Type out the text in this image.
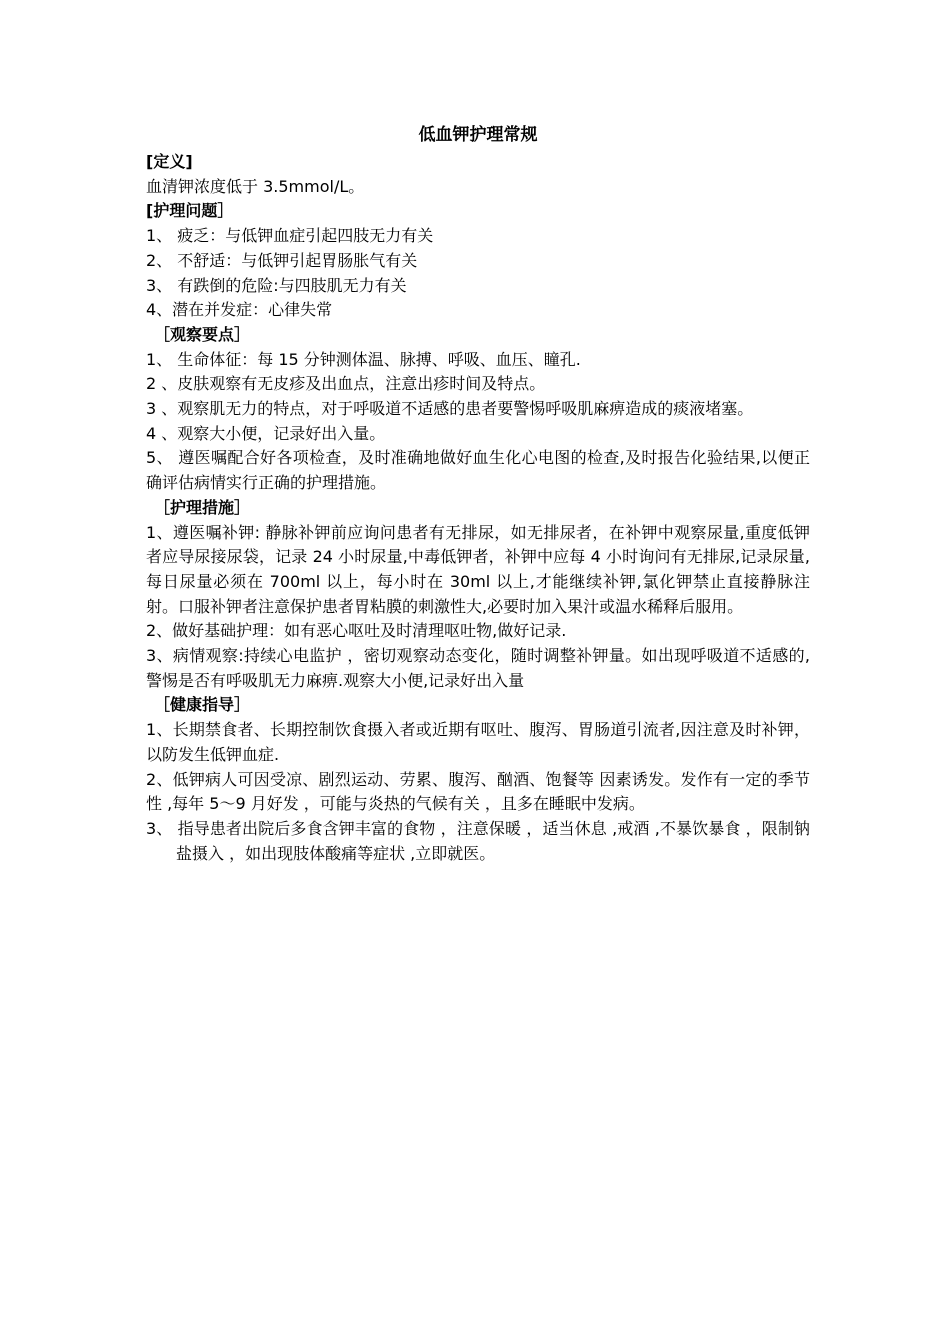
低血钾护理常规

[定义]

血清钾浓度低于 3.5mmol/L。

[护理问题］

1、 疲乏：与低钾血症引起四肢无力有关

2、 不舒适：与低钾引起胃肠胀气有关

3、 有跌倒的危险:与四肢肌无力有关

4、潜在并发症：心律失常

［观察要点］

1、 生命体征：每 15 分钟测体温、脉搏、呼吸、血压、瞳孔.

2 、皮肤观察有无皮疹及出血点，注意出疹时间及特点。

3 、观察肌无力的特点，对于呼吸道不适感的患者要警惕呼吸肌麻痹造成的痰液堵塞。

4 、观察大小便，记录好出入量。

5、 遵医嘱配合好各项检查，及时准确地做好血生化心电图的检查,及时报告化验结果,以便正确评估病情实行正确的护理措施。

［护理措施］

1、遵医嘱补钾: 静脉补钾前应询问患者有无排尿，如无排尿者，在补钾中观察尿量,重度低钾者应导尿接尿袋，记录 24 小时尿量,中毒低钾者，补钾中应每 4 小时询问有无排尿,记录尿量,每日尿量必须在 700ml 以上，每小时在 30ml 以上,才能继续补钾,氯化钾禁止直接静脉注射。口服补钾者注意保护患者胃粘膜的刺激性大,必要时加入果汁或温水稀释后服用。

2、做好基础护理：如有恶心呕吐及时清理呕吐物,做好记录.

3、病情观察:持续心电监护 ，密切观察动态变化，随时调整补钾量。如出现呼吸道不适感的,警惕是否有呼吸肌无力麻痹.观察大小便,记录好出入量

［健康指导］

1、长期禁食者、长期控制饮食摄入者或近期有呕吐、腹泻、胃肠道引流者,因注意及时补钾，以防发生低钾血症.

2、低钾病人可因受凉、剧烈运动、劳累、腹泻、酗酒、饱餐等 因素诱发。发作有一定的季节性 ,每年 5～9 月好发 ，可能与炎热的气候有关 ，且多在睡眠中发病。

3、 指导患者出院后多食含钾丰富的食物 ，注意保暖 ，适当休息 ,戒酒 ,不暴饮暴食 ，限制钠盐摄入 ，如出现肢体酸痛等症状 ,立即就医。
